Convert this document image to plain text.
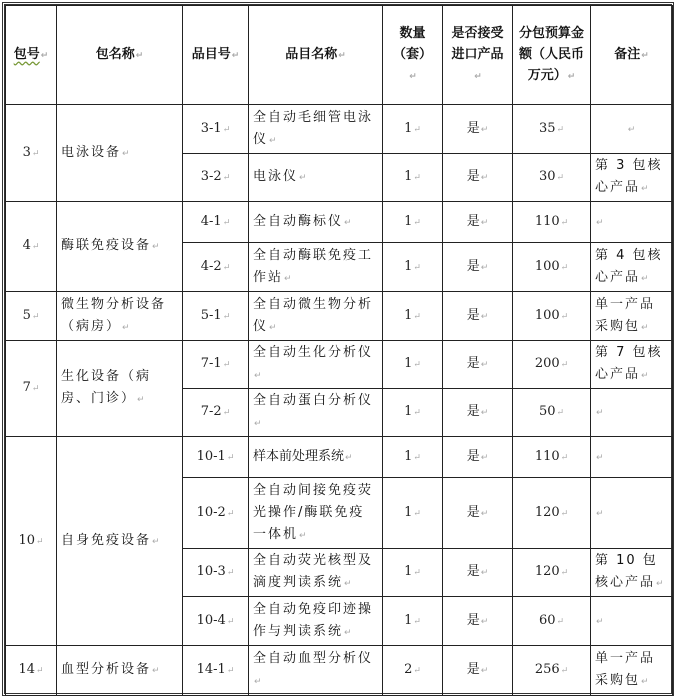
包号↵	包名称↵	品目号↵	品目名称↵	数量（套）↵	是否接受进口产品↵	分包预算金额（人民币万元）↵	备注↵
3↵	电泳设备↵	3-1↵	全自动毛细管电泳仪↵	1↵	是↵	35↵	↵
		3-2↵	电泳仪↵	1↵	是↵	30↵	第 3 包核心产品↵
4↵	酶联免疫设备↵	4-1↵	全自动酶标仪↵	1↵	是↵	110↵	↵
		4-2↵	全自动酶联免疫工作站↵	1↵	是↵	100↵	第 4 包核心产品↵
5↵	微生物分析设备（病房）↵	5-1↵	全自动微生物分析仪↵	1↵	是↵	100↵	单一产品采购包↵
7↵	生化设备（病房、门诊）↵	7-1↵	全自动生化分析仪↵	1↵	是↵	200↵	第 7 包核心产品↵
		7-2↵	全自动蛋白分析仪↵	1↵	是↵	50↵	↵
10↵	自身免疫设备↵	10-1↵	样本前处理系统↵	1↵	是↵	110↵	↵
		10-2↵	全自动间接免疫荧光操作/酶联免疫一体机↵	1↵	是↵	120↵	↵
		10-3↵	全自动荧光核型及滴度判读系统↵	1↵	是↵	120↵	第 10 包核心产品↵
		10-4↵	全自动免疫印迹操作与判读系统↵	1↵	是↵	60↵	↵
14↵	血型分析设备↵	14-1↵	全自动血型分析仪↵	2↵	是↵	256↵	单一产品采购包↵
